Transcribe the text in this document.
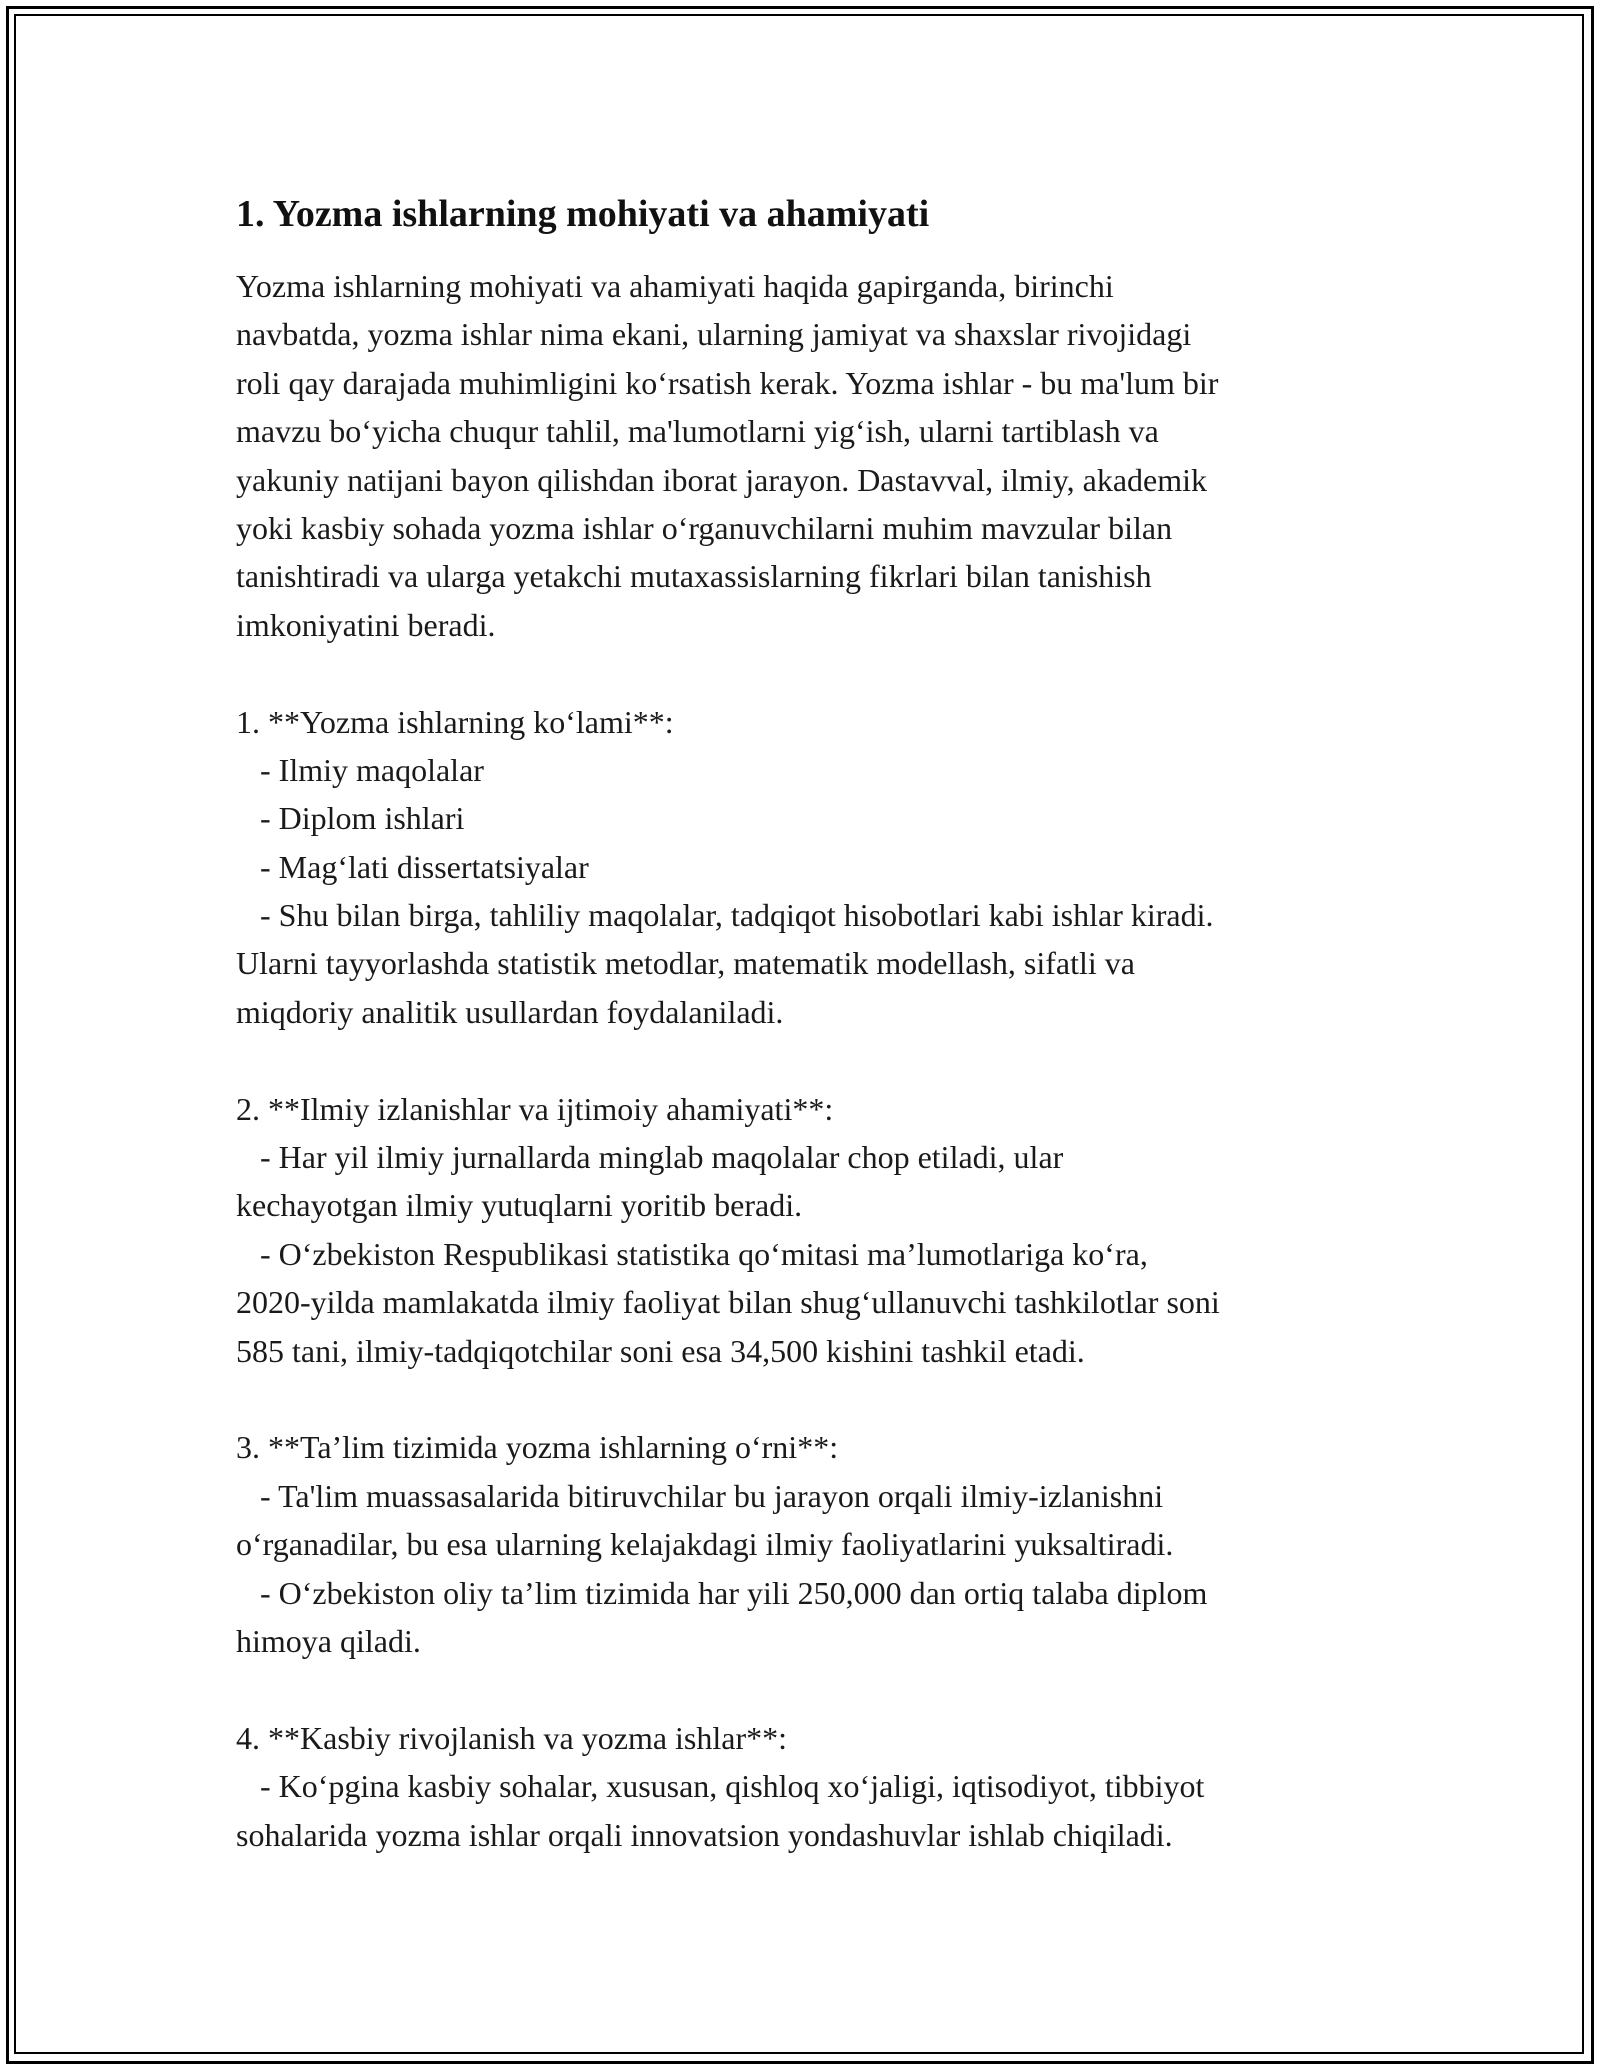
1. Yozma ishlarning mohiyati va ahamiyati
Yozma ishlarning mohiyati va ahamiyati haqida gapirganda, birinchi
navbatda, yozma ishlar nima ekani, ularning jamiyat va shaxslar rivojidagi
roli qay darajada muhimligini ko‘rsatish kerak. Yozma ishlar - bu ma'lum bir
mavzu bo‘yicha chuqur tahlil, ma'lumotlarni yig‘ish, ularni tartiblash va
yakuniy natijani bayon qilishdan iborat jarayon. Dastavval, ilmiy, akademik
yoki kasbiy sohada yozma ishlar o‘rganuvchilarni muhim mavzular bilan
tanishtiradi va ularga yetakchi mutaxassislarning fikrlari bilan tanishish
imkoniyatini beradi.
1. **Yozma ishlarning ko‘lami**:
- Ilmiy maqolalar
- Diplom ishlari
- Mag‘lati dissertatsiyalar
- Shu bilan birga, tahliliy maqolalar, tadqiqot hisobotlari kabi ishlar kiradi.
Ularni tayyorlashda statistik metodlar, matematik modellash, sifatli va
miqdoriy analitik usullardan foydalaniladi.
2. **Ilmiy izlanishlar va ijtimoiy ahamiyati**:
- Har yil ilmiy jurnallarda minglab maqolalar chop etiladi, ular
kechayotgan ilmiy yutuqlarni yoritib beradi.
- O‘zbekiston Respublikasi statistika qo‘mitasi ma’lumotlariga ko‘ra,
2020-yilda mamlakatda ilmiy faoliyat bilan shug‘ullanuvchi tashkilotlar soni
585 tani, ilmiy-tadqiqotchilar soni esa 34,500 kishini tashkil etadi.
3. **Ta’lim tizimida yozma ishlarning o‘rni**:
- Ta'lim muassasalarida bitiruvchilar bu jarayon orqali ilmiy-izlanishni
o‘rganadilar, bu esa ularning kelajakdagi ilmiy faoliyatlarini yuksaltiradi.
- O‘zbekiston oliy ta’lim tizimida har yili 250,000 dan ortiq talaba diplom
himoya qiladi.
4. **Kasbiy rivojlanish va yozma ishlar**:
- Ko‘pgina kasbiy sohalar, xususan, qishloq xo‘jaligi, iqtisodiyot, tibbiyot
sohalarida yozma ishlar orqali innovatsion yondashuvlar ishlab chiqiladi.
